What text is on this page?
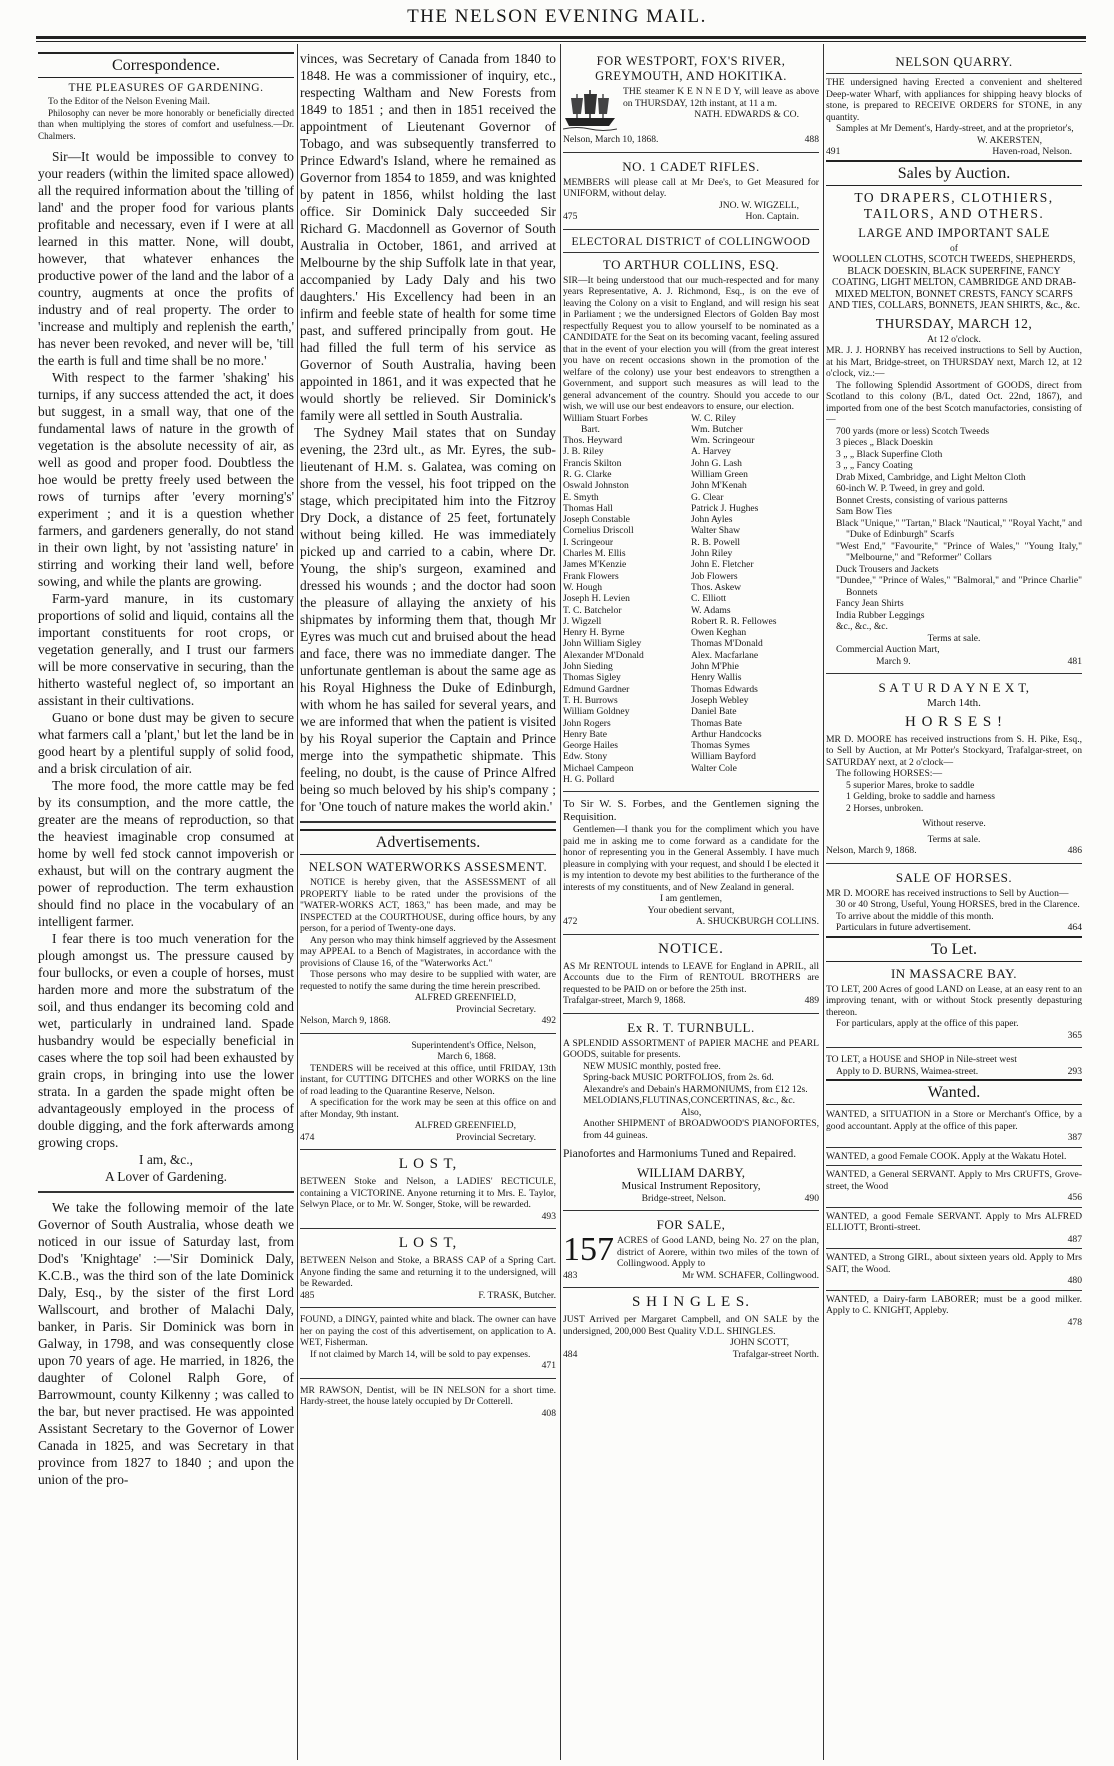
THE NELSON EVENING MAIL.
Correspondence.
THE PLEASURES OF GARDENING.

To the Editor of the Nelson Evening Mail.

Philosophy can never be more honorably or beneficially directed than when multiplying the stores of comfort and usefulness.—Dr. Chalmers.

Sir—It would be impossible to convey to your readers (within the limited space allowed) all the required information about the 'tilling of land' and the proper food for various plants profitable and necessary, even if I were at all learned in this matter. None, will doubt, however, that whatever enhances the productive power of the land and the labor of a country, augments at once the profits of industry and of real property. The order to 'increase and multiply and replenish the earth,' has never been revoked, and never will be, 'till the earth is full and time shall be no more.'

With respect to the farmer 'shaking' his turnips, if any success attended the act, it does but suggest, in a small way, that one of the fundamental laws of nature in the growth of vegetation is the absolute necessity of air, as well as good and proper food. Doubtless the hoe would be pretty freely used between the rows of turnips after 'every morning's' experiment ; and it is a question whether farmers, and gardeners generally, do not stand in their own light, by not 'assisting nature' in stirring and working their land well, before sowing, and while the plants are growing.

Farm-yard manure, in its customary proportions of solid and liquid, contains all the important constituents for root crops, or vegetation generally, and I trust our farmers will be more conservative in securing, than the hitherto wasteful neglect of, so important an assistant in their cultivations.

Guano or bone dust may be given to secure what farmers call a 'plant,' but let the land be in good heart by a plentiful supply of solid food, and a brisk circulation of air.

The more food, the more cattle may be fed by its consumption, and the more cattle, the greater are the means of reproduction, so that the heaviest imaginable crop consumed at home by well fed stock cannot impoverish or exhaust, but will on the contrary augment the power of reproduction. The term exhaustion should find no place in the vocabulary of an intelligent farmer.

I fear there is too much veneration for the plough amongst us. The pressure caused by four bullocks, or even a couple of horses, must harden more and more the substratum of the soil, and thus endanger its becoming cold and wet, particularly in undrained land. Spade husbandry would be especially beneficial in cases where the top soil had been exhausted by grain crops, in bringing into use the lower strata. In a garden the spade might often be advantageously employed in the process of double digging, and the fork afterwards among growing crops.

I am, &c.,

A Lover of Gardening.

We take the following memoir of the late Governor of South Australia, whose death we noticed in our issue of Saturday last, from Dod's 'Knightage' :—'Sir Dominick Daly, K.C.B., was the third son of the late Dominick Daly, Esq., by the sister of the first Lord Wallscourt, and brother of Malachi Daly, banker, in Paris. Sir Dominick was born in Galway, in 1798, and was consequently close upon 70 years of age. He married, in 1826, the daughter of Colonel Ralph Gore, of Barrowmount, county Kilkenny ; was called to the bar, but never practised. He was appointed Assistant Secretary to the Governor of Lower Canada in 1825, and was Secretary in that province from 1827 to 1840 ; and upon the union of the pro-

vinces, was Secretary of Canada from 1840 to 1848. He was a commissioner of inquiry, etc., respecting Waltham and New Forests from 1849 to 1851 ; and then in 1851 received the appointment of Lieutenant Governor of Tobago, and was subsequently transferred to Prince Edward's Island, where he remained as Governor from 1854 to 1859, and was knighted by patent in 1856, whilst holding the last office. Sir Dominick Daly succeeded Sir Richard G. Macdonnell as Governor of South Australia in October, 1861, and arrived at Melbourne by the ship Suffolk late in that year, accompanied by Lady Daly and his two daughters.' His Excellency had been in an infirm and feeble state of health for some time past, and suffered principally from gout. He had filled the full term of his service as Governor of South Australia, having been appointed in 1861, and it was expected that he would shortly be relieved. Sir Dominick's family were all settled in South Australia.

The Sydney Mail states that on Sunday evening, the 23rd ult., as Mr. Eyres, the sub-lieutenant of H.M. s. Galatea, was coming on shore from the vessel, his foot tripped on the stage, which precipitated him into the Fitzroy Dry Dock, a distance of 25 feet, fortunately without being killed. He was immediately picked up and carried to a cabin, where Dr. Young, the ship's surgeon, examined and dressed his wounds ; and the doctor had soon the pleasure of allaying the anxiety of his shipmates by informing them that, though Mr Eyres was much cut and bruised about the head and face, there was no immediate danger. The unfortunate gentleman is about the same age as his Royal Highness the Duke of Edinburgh, with whom he has sailed for several years, and we are informed that when the patient is visited by his Royal superior the Captain and Prince merge into the sympathetic shipmate. This feeling, no doubt, is the cause of Prince Alfred being so much beloved by his ship's company ; for 'One touch of nature makes the world akin.'

Advertisements.
NELSON WATERWORKS ASSESMENT.

NOTICE is hereby given, that the ASSESSMENT of all PROPERTY liable to be rated under the provisions of the "WATER-WORKS ACT, 1863," has been made, and may be INSPECTED at the COURTHOUSE, during office hours, by any person, for a period of Twenty-one days.

Any person who may think himself aggrieved by the Assesment may APPEAL to a Bench of Magistrates, in accordance with the provisions of Clause 16, of the "Waterworks Act."

Those persons who may desire to be supplied with water, are requested to notify the same during the time herein prescribed.

ALFRED GREENFIELD,

Provincial Secretary.

Nelson, March 9, 1868.	492

Superintendent's Office, Nelson,

March 6, 1868.

TENDERS will be received at this office, until FRIDAY, 13th instant, for CUTTING DITCHES and other WORKS on the line of road leading to the Quarantine Reserve, Nelson.

A specification for the work may be seen at this office on and after Monday, 9th instant.

ALFRED GREENFIELD,

474	Provincial Secretary.
L O S T,

BETWEEN Stoke and Nelson, a LADIES' RECTICULE, containing a VICTORINE. Anyone returning it to Mrs. E. Taylor, Selwyn Place, or to Mr. W. Songer, Stoke, will be rewarded.

493

L O S T,

BETWEEN Nelson and Stoke, a BRASS CAP of a Spring Cart. Anyone finding the same and returning it to the undersigned, will be Rewarded.

485	F. TRASK, Butcher.

FOUND, a DINGY, painted white and black. The owner can have her on paying the cost of this advertisement, on application to A. WET, Fisherman.

If not claimed by March 14, will be sold to pay expenses.

471

MR RAWSON, Dentist, will be IN NELSON for a short time. Hardy-street, the house lately occupied by Dr Cotterell.

408

FOR WESTPORT, FOX'S RIVER, GREYMOUTH, AND HOKITIKA.

THE steamer K E N N E D Y, will leave as above on THURSDAY, 12th instant, at 11 a m.

NATH. EDWARDS & CO.

Nelson, March 10, 1868.	488
NO. 1 CADET RIFLES.

MEMBERS will please call at Mr Dee's, to Get Measured for UNIFORM, without delay.

JNO. W. WIGZELL,

475	Hon. Captain.
ELECTORAL DISTRICT of COLLINGWOOD
TO ARTHUR COLLINS, ESQ.

SIR—It being understood that our much-respected and for many years Representative, A. J. Richmond, Esq., is on the eve of leaving the Colony on a visit to England, and will resign his seat in Parliament ; we the undersigned Electors of Golden Bay most respectfully Request you to allow yourself to be nominated as a CANDIDATE for the Seat on its becoming vacant, feeling assured that in the event of your election you will (from the great interest you have on recent occasions shown in the promotion of the welfare of the colony) use your best endeavors to strengthen a Government, and support such measures as will lead to the general advancement of the country. Should you accede to our wish, we will use our best endeavors to ensure, our election.

William Stuart Forbes	W. C. Riley
Bart.	Wm. Butcher
Thos. Heyward	Wm. Scringeour
J. B. Riley	A. Harvey
Francis Skilton	John G. Lash
R. G. Clarke	William Green
Oswald Johnston	John M'Kenah
E. Smyth	G. Clear
Thomas Hall	Patrick J. Hughes
Joseph Constable	John Ayles
Cornelius Driscoll	Walter Shaw
I. Scringeour	R. B. Powell
Charles M. Ellis	John Riley
James M'Kenzie	John E. Fletcher
Frank Flowers	Job Flowers
W. Hough	Thos. Askew
Joseph H. Levien	C. Elliott
T. C. Batchelor	W. Adams
J. Wigzell	Robert R. R. Fellowes
Henry H. Byrne	Owen Keghan
John William Sigley	Thomas M'Donald
Alexander M'Donald	Alex. Macfarlane
John Sieding	John M'Phie
Thomas Sigley	Henry Wallis
Edmund Gardner	Thomas Edwards
T. H. Burrows	Joseph Webley
William Goldney	Daniel Bate
John Rogers	Thomas Bate
Henry Bate	Arthur Handcocks
George Hailes	Thomas Symes
Edw. Stony	William Bayford
Michael Campeon	Walter Cole
H. G. Pollard

To Sir W. S. Forbes, and the Gentlemen signing the Requisition.

Gentlemen—I thank you for the compliment which you have paid me in asking me to come forward as a candidate for the honor of representing you in the General Assembly. I have much pleasure in complying with your request, and should I be elected it is my intention to devote my best abilities to the furtherance of the interests of my constituents, and of New Zealand in general.

I am gentlemen,

Your obedient servant,

472	A. SHUCKBURGH COLLINS.
NOTICE.

AS Mr RENTOUL intends to LEAVE for England in APRIL, all Accounts due to the Firm of RENTOUL BROTHERS are requested to be PAID on or before the 25th inst.

Trafalgar-street, March 9, 1868.	489
Ex R. T. TURNBULL.

A SPLENDID ASSORTMENT of PAPIER MACHE and PEARL GOODS, suitable for presents.

NEW MUSIC monthly, posted free.

Spring-back MUSIC PORTFOLIOS, from 2s. 6d.

Alexandre's and Debain's HARMONIUMS, from £12 12s.

MELODIANS,FLUTINAS,CONCERTINAS, &c., &c.

Also,

Another SHIPMENT of BROADWOOD'S PIANOFORTES, from 44 guineas.

Pianofortes and Harmoniums Tuned and Repaired.

WILLIAM DARBY,

Musical Instrument Repository,

Bridge-street, Nelson.	490
FOR SALE,
157 ACRES of Good LAND, being No. 27 on the plan, district of Aorere, within two miles of the town of Collingwood. Apply to

483	Mr WM. SCHAFER, Collingwood.
S H I N G L E S.

JUST Arrived per Margaret Campbell, and ON SALE by the undersigned, 200,000 Best Quality V.D.L. SHINGLES.

JOHN SCOTT,

484	Trafalgar-street North.
NELSON QUARRY.

THE undersigned having Erected a convenient and sheltered Deep-water Wharf, with appliances for shipping heavy blocks of stone, is prepared to RECEIVE ORDERS for STONE, in any quantity.

Samples at Mr Dement's, Hardy-street, and at the proprietor's,

W. AKERSTEN,

491	Haven-road, Nelson.
Sales by Auction.
TO DRAPERS, CLOTHIERS, TAILORS, AND OTHERS.
LARGE AND IMPORTANT SALE

of

WOOLLEN CLOTHS, SCOTCH TWEEDS, SHEPHERDS, BLACK DOESKIN, BLACK SUPERFINE, FANCY COATING, LIGHT MELTON, CAMBRIDGE AND DRAB-MIXED MELTON, BONNET CRESTS, FANCY SCARFS AND TIES, COLLARS, BONNETS, JEAN SHIRTS, &c., &c.

THURSDAY, MARCH 12,

At 12 o'clock.

MR. J. J. HORNBY has received instructions to Sell by Auction, at his Mart, Bridge-street, on THURSDAY next, March 12, at 12 o'clock, viz.:—

The following Splendid Assortment of GOODS, direct from Scotland to this colony (B/L, dated Oct. 22nd, 1867), and imported from one of the best Scotch manufactories, consisting of—

700 yards (more or less) Scotch Tweeds

3 pieces „ Black Doeskin

3 „ „ Black Superfine Cloth

3 „ „ Fancy Coating

Drab Mixed, Cambridge, and Light Melton Cloth

60-inch W. P. Tweed, in grey and gold.

Bonnet Crests, consisting of various patterns

Sam Bow Ties

Black "Unique," "Tartan," Black "Nautical," "Royal Yacht," and "Duke of Edinburgh" Scarfs

"West End," "Favourite," "Prince of Wales," "Young Italy," "Melbourne," and "Reformer" Collars

Duck Trousers and Jackets

"Dundee," "Prince of Wales," "Balmoral," and "Prince Charlie" Bonnets

Fancy Jean Shirts

India Rubber Leggings

&c., &c., &c.

Terms at sale.

Commercial Auction Mart,

March 9.	481
S A T U R D A Y N E X T,

March 14th.

H O R S E S !

MR D. MOORE has received instructions from S. H. Pike, Esq., to Sell by Auction, at Mr Potter's Stockyard, Trafalgar-street, on SATURDAY next, at 2 o'clock—

The following HORSES:—

5 superior Mares, broke to saddle

1 Gelding, broke to saddle and harness

2 Horses, unbroken.

Without reserve.

Terms at sale.

Nelson, March 9, 1868.	486
SALE OF HORSES.

MR D. MOORE has received instructions to Sell by Auction—

30 or 40 Strong, Useful, Young HORSES, bred in the Clarence.

To arrive about the middle of this month.

Particulars in future advertisement.	464
To Let.
IN MASSACRE BAY.

TO LET, 200 Acres of good LAND on Lease, at an easy rent to an improving tenant, with or without Stock presently depasturing thereon.

For particulars, apply at the office of this paper.

365

TO LET, a HOUSE and SHOP in Nile-street west

Apply to D. BURNS, Waimea-street.	293
Wanted.

WANTED, a SITUATION in a Store or Merchant's Office, by a good accountant. Apply at the office of this paper.

387

WANTED, a good Female COOK. Apply at the Wakatu Hotel.

WANTED, a General SERVANT. Apply to Mrs CRUFTS, Grove-street, the Wood

456

WANTED, a good Female SERVANT. Apply to Mrs ALFRED ELLIOTT, Bronti-street.

487

WANTED, a Strong GIRL, about sixteen years old. Apply to Mrs SAIT, the Wood.

480

WANTED, a Dairy-farm LABORER; must be a good milker. Apply to C. KNIGHT, Appleby.

478
